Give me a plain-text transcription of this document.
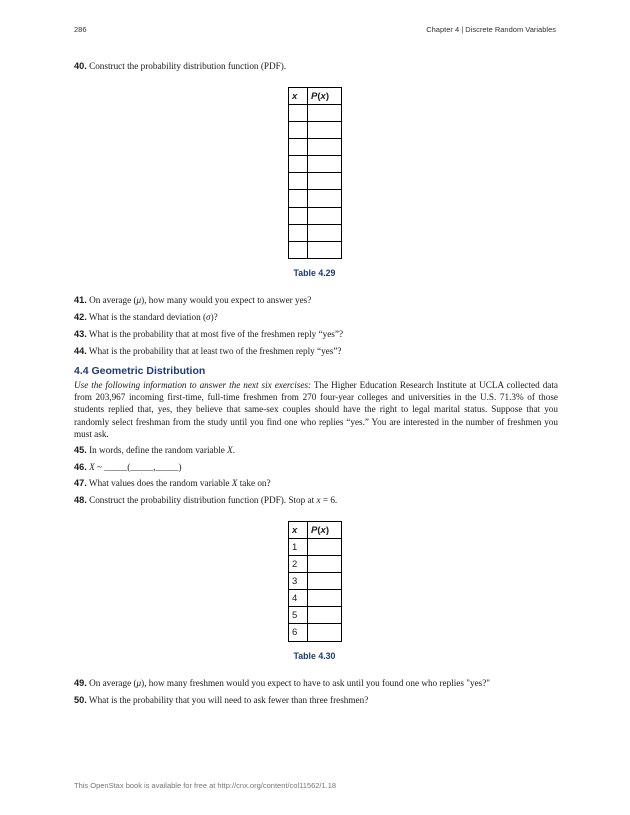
286	Chapter 4 | Discrete Random Variables
40. Construct the probability distribution function (PDF).
x	P(x)

Table 4.29
41. On average (μ), how many would you expect to answer yes?
42. What is the standard deviation (σ)?
43. What is the probability that at most five of the freshmen reply “yes”?
44. What is the probability that at least two of the freshmen reply “yes”?
4.4 Geometric Distribution
Use the following information to answer the next six exercises: The Higher Education Research Institute at UCLA collected data from 203,967 incoming first-time, full-time freshmen from 270 four-year colleges and universities in the U.S. 71.3% of those students replied that, yes, they believe that same-sex couples should have the right to legal marital status. Suppose that you randomly select freshman from the study until you find one who replies “yes.” You are interested in the number of freshmen you must ask.
45. In words, define the random variable X.
46. X ~ _____(_____,_____)
47. What values does the random variable X take on?
48. Construct the probability distribution function (PDF). Stop at x = 6.
x	P(x)
1	
2	
3	
4	
5	
6	
Table 4.30
49. On average (μ), how many freshmen would you expect to have to ask until you found one who replies "yes?"
50. What is the probability that you will need to ask fewer than three freshmen?
This OpenStax book is available for free at http://cnx.org/content/col11562/1.18
